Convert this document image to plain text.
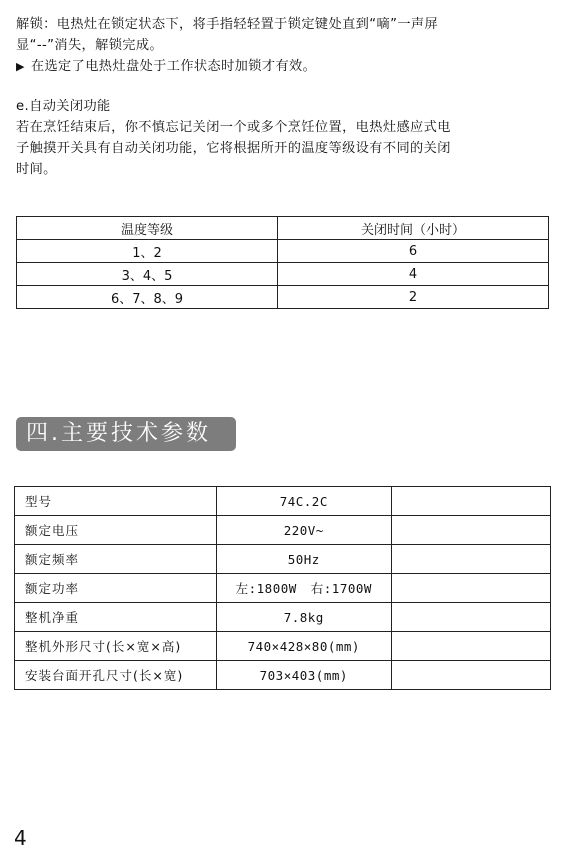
解锁：电热灶在锁定状态下，将手指轻轻置于锁定键处直到“嘀”一声屏
显“--”消失，解锁完成。
▶ 在选定了电热灶盘处于工作状态时加锁才有效。
e.自动关闭功能
若在烹饪结束后，你不慎忘记关闭一个或多个烹饪位置，电热灶感应式电
子触摸开关具有自动关闭功能，它将根据所开的温度等级设有不同的关闭
时间。
温度等级	关闭时间（小时）
1、2	6
3、4、5	4
6、7、8、9	2
四.主要技术参数
型号	74C.2C	
额定电压	220V~	
额定频率	50Hz	
额定功率	左:1800W 右:1700W	
整机净重	7.8kg	
整机外形尺寸(长×宽×高)	740×428×80(mm)	
安装台面开孔尺寸(长×宽)	703×403(mm)	
4
